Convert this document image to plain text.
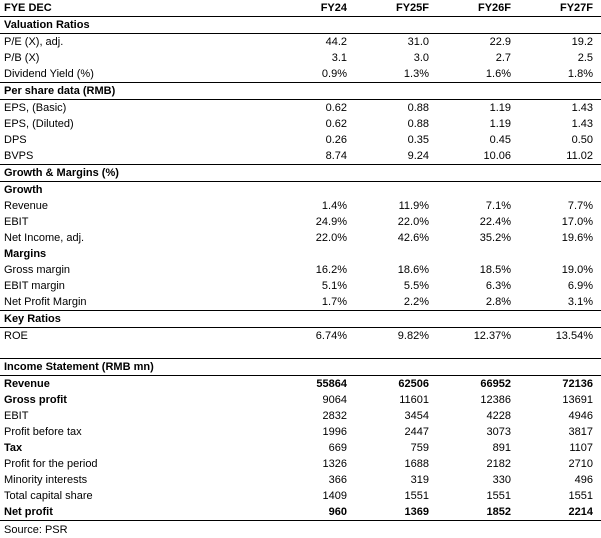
FYE DEC	FY24	FY25F	FY26F	FY27F
Valuation Ratios				
P/E (X), adj.	44.2	31.0	22.9	19.2
P/B (X)	3.1	3.0	2.7	2.5
Dividend Yield (%)	0.9%	1.3%	1.6%	1.8%
Per share data (RMB)				
EPS, (Basic)	0.62	0.88	1.19	1.43
EPS, (Diluted)	0.62	0.88	1.19	1.43
DPS	0.26	0.35	0.45	0.50
BVPS	8.74	9.24	10.06	11.02
Growth & Margins (%)				
Growth				
Revenue	1.4%	11.9%	7.1%	7.7%
EBIT	24.9%	22.0%	22.4%	17.0%
Net Income, adj.	22.0%	42.6%	35.2%	19.6%
Margins				
Gross margin	16.2%	18.6%	18.5%	19.0%
EBIT margin	5.1%	5.5%	6.3%	6.9%
Net Profit Margin	1.7%	2.2%	2.8%	3.1%
Key Ratios				
ROE	6.74%	9.82%	12.37%	13.54%

Income Statement (RMB mn)				
Revenue	55864	62506	66952	72136
Gross profit	9064	11601	12386	13691
EBIT	2832	3454	4228	4946
Profit before tax	1996	2447	3073	3817
Tax	669	759	891	1107
Profit for the period	1326	1688	2182	2710
Minority interests	366	319	330	496
Total capital share	1409	1551	1551	1551
Net profit	960	1369	1852	2214
Source: PSR
